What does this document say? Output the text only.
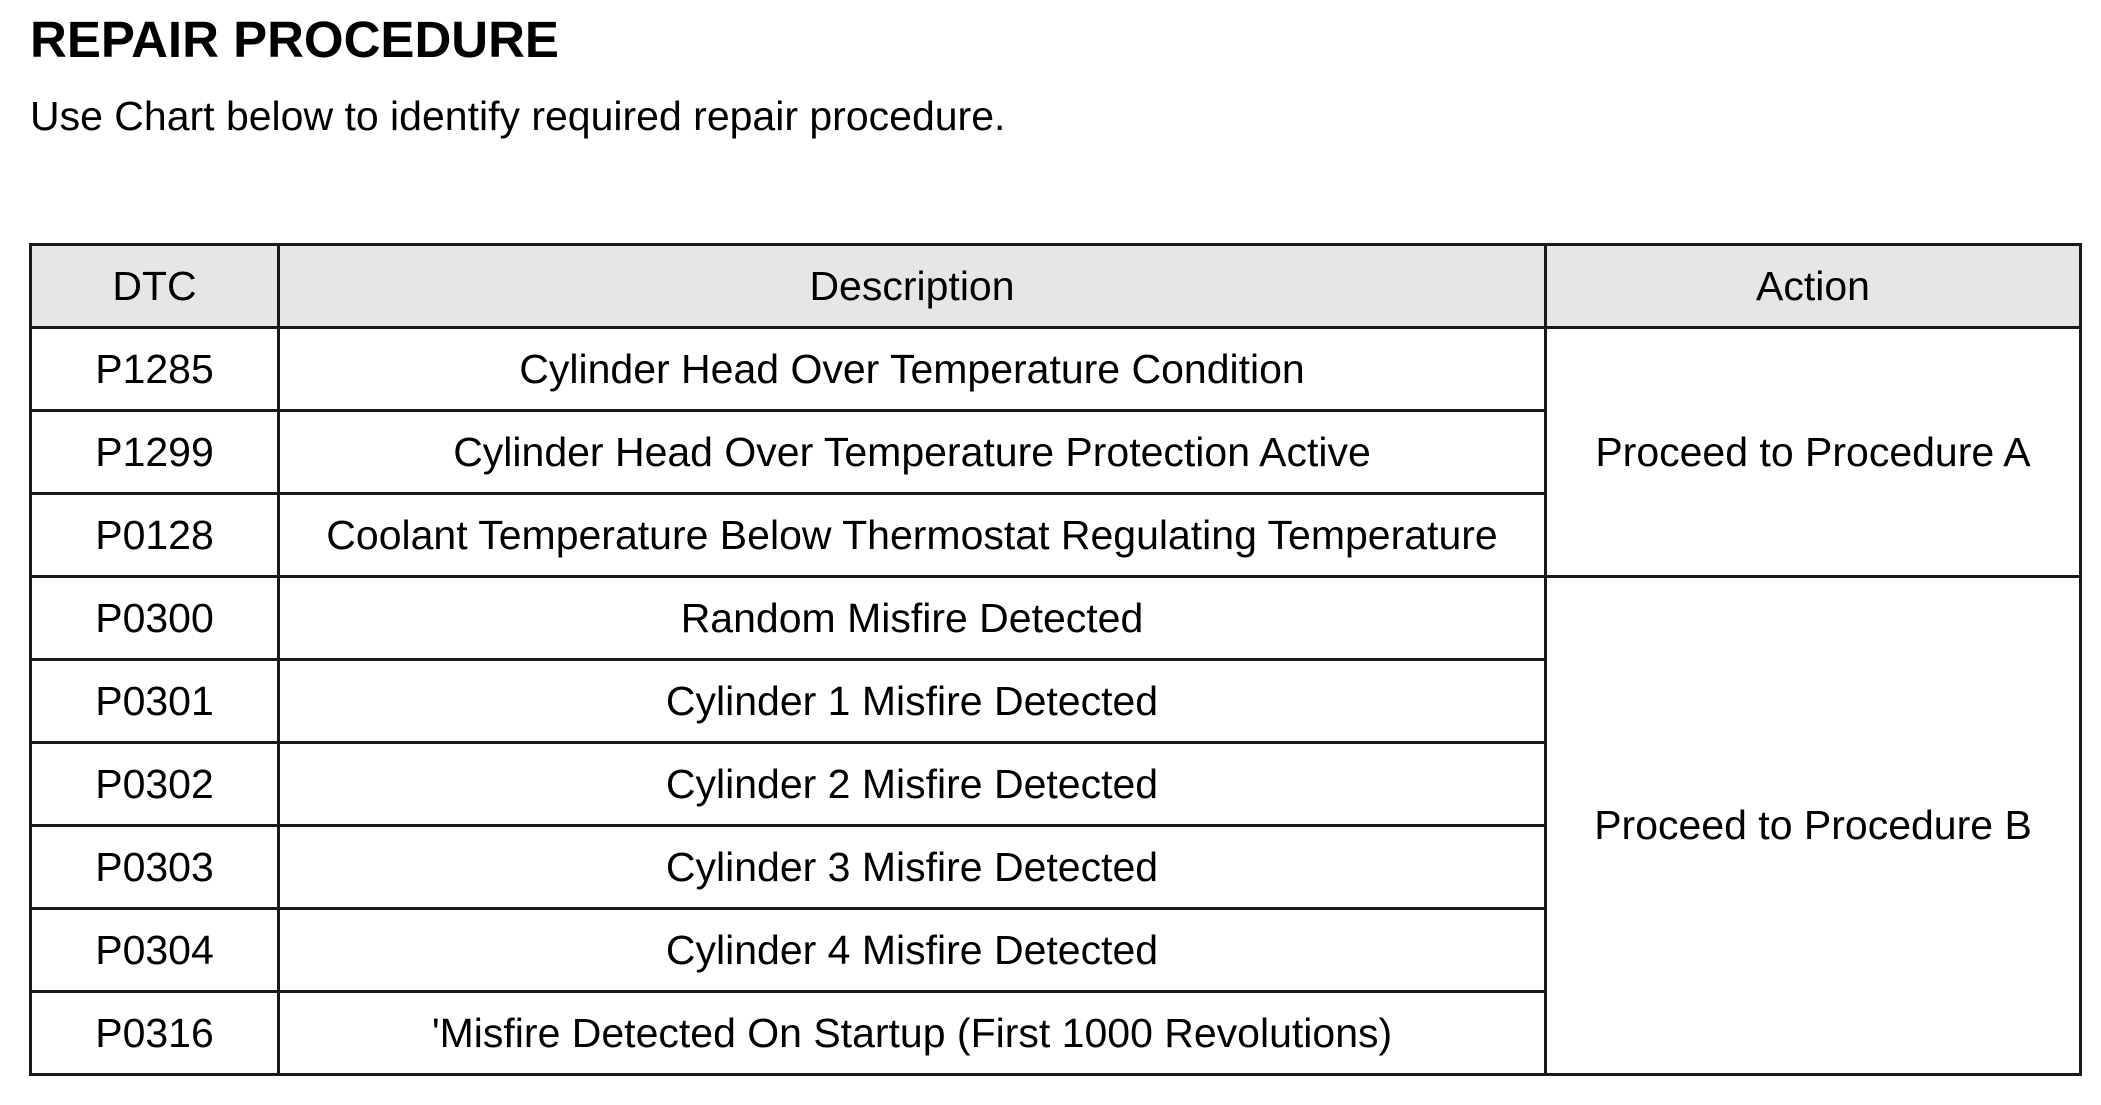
REPAIR PROCEDURE

Use Chart below to identify required repair procedure.

DTC	Description	Action
P1285	Cylinder Head Over Temperature Condition	Proceed to Procedure A
P1299	Cylinder Head Over Temperature Protection Active	
P0128	Coolant Temperature Below Thermostat Regulating Temperature	
P0300	Random Misfire Detected	Proceed to Procedure B
P0301	Cylinder 1 Misfire Detected	
P0302	Cylinder 2 Misfire Detected	
P0303	Cylinder 3 Misfire Detected	
P0304	Cylinder 4 Misfire Detected	
P0316	'Misfire Detected On Startup (First 1000 Revolutions)	
